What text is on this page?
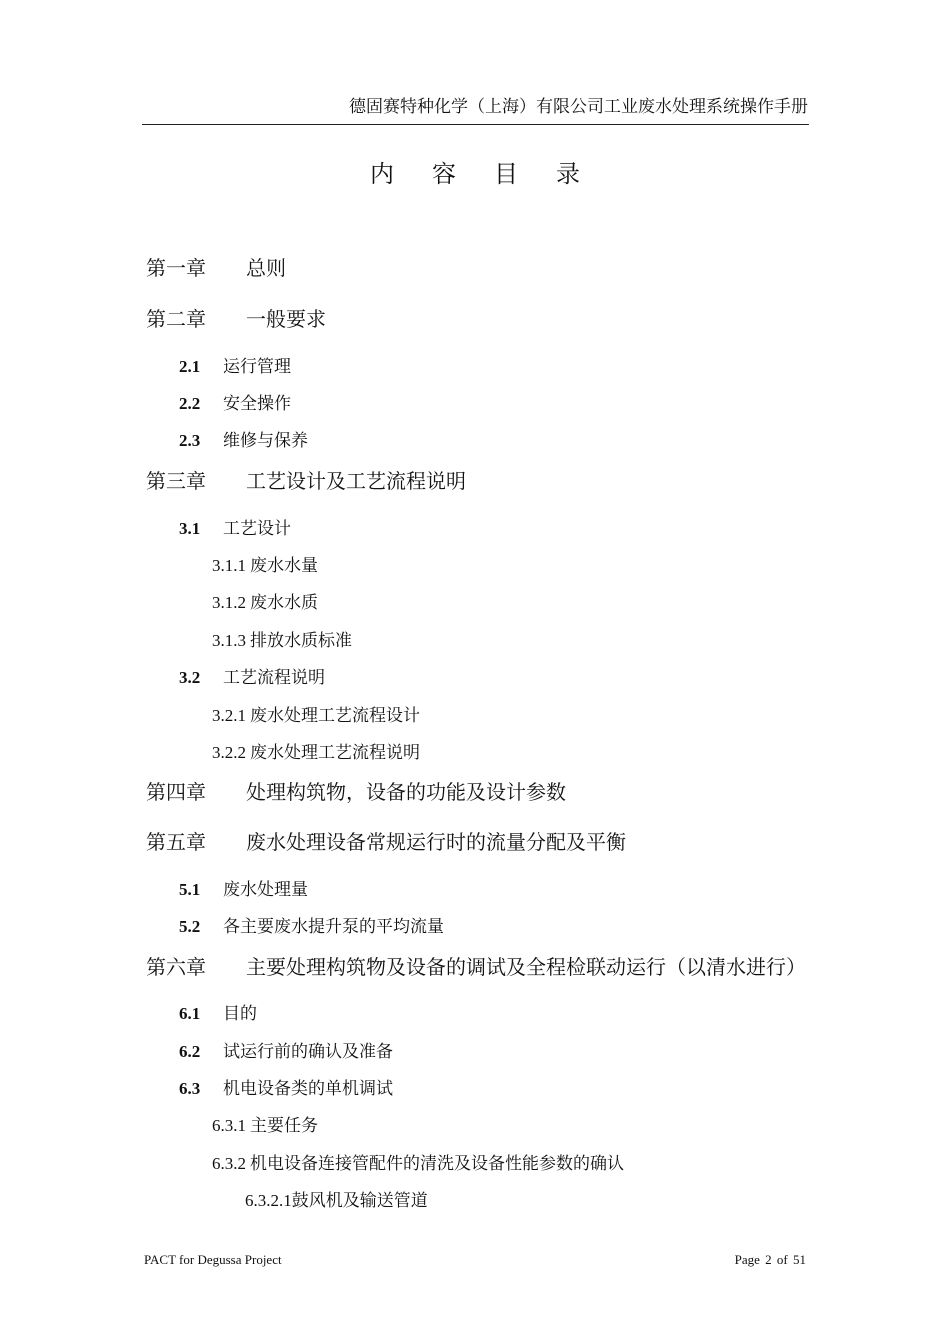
德固赛特种化学（上海）有限公司工业废水处理系统操作手册
内容目录
第一章 总则
第二章 一般要求
2.1 运行管理
2.2 安全操作
2.3 维修与保养
第三章 工艺设计及工艺流程说明
3.1 工艺设计
3.1.1 废水水量
3.1.2 废水水质
3.1.3 排放水质标准
3.2 工艺流程说明
3.2.1 废水处理工艺流程设计
3.2.2 废水处理工艺流程说明
第四章 处理构筑物，设备的功能及设计参数
第五章 废水处理设备常规运行时的流量分配及平衡
5.1 废水处理量
5.2 各主要废水提升泵的平均流量
第六章 主要处理构筑物及设备的调试及全程检联动运行（以清水进行）
6.1 目的
6.2 试运行前的确认及准备
6.3 机电设备类的单机调试
6.3.1 主要任务
6.3.2 机电设备连接管配件的清洗及设备性能参数的确认
6.3.2.1鼓风机及输送管道
PACT for Degussa Project	Page 2 of 51
